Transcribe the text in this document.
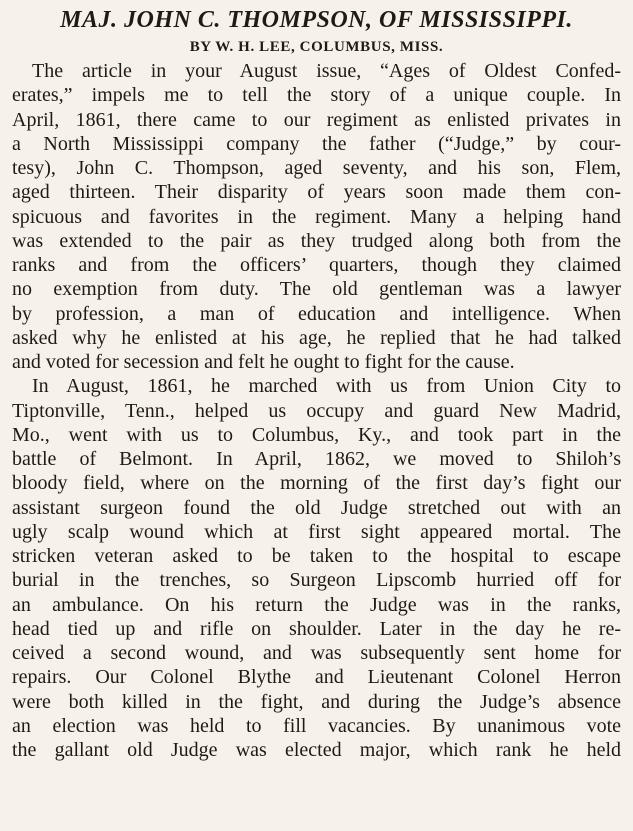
MAJ. JOHN C. THOMPSON, OF MISSISSIPPI.
BY W. H. LEE, COLUMBUS, MISS.
The article in your August issue, “Ages of Oldest Confed-
erates,” impels me to tell the story of a unique couple. In
April, 1861, there came to our regiment as enlisted privates in
a North Mississippi company the father (“Judge,” by cour-
tesy), John C. Thompson, aged seventy, and his son, Flem,
aged thirteen. Their disparity of years soon made them con-
spicuous and favorites in the regiment. Many a helping hand
was extended to the pair as they trudged along both from the
ranks and from the officers’ quarters, though they claimed
no exemption from duty. The old gentleman was a lawyer
by profession, a man of education and intelligence. When
asked why he enlisted at his age, he replied that he had talked
and voted for secession and felt he ought to fight for the cause.
In August, 1861, he marched with us from Union City to
Tiptonville, Tenn., helped us occupy and guard New Madrid,
Mo., went with us to Columbus, Ky., and took part in the
battle of Belmont. In April, 1862, we moved to Shiloh’s
bloody field, where on the morning of the first day’s fight our
assistant surgeon found the old Judge stretched out with an
ugly scalp wound which at first sight appeared mortal. The
stricken veteran asked to be taken to the hospital to escape
burial in the trenches, so Surgeon Lipscomb hurried off for
an ambulance. On his return the Judge was in the ranks,
head tied up and rifle on shoulder. Later in the day he re-
ceived a second wound, and was subsequently sent home for
repairs. Our Colonel Blythe and Lieutenant Colonel Herron
were both killed in the fight, and during the Judge’s absence
an election was held to fill vacancies. By unanimous vote
the gallant old Judge was elected major, which rank he held
